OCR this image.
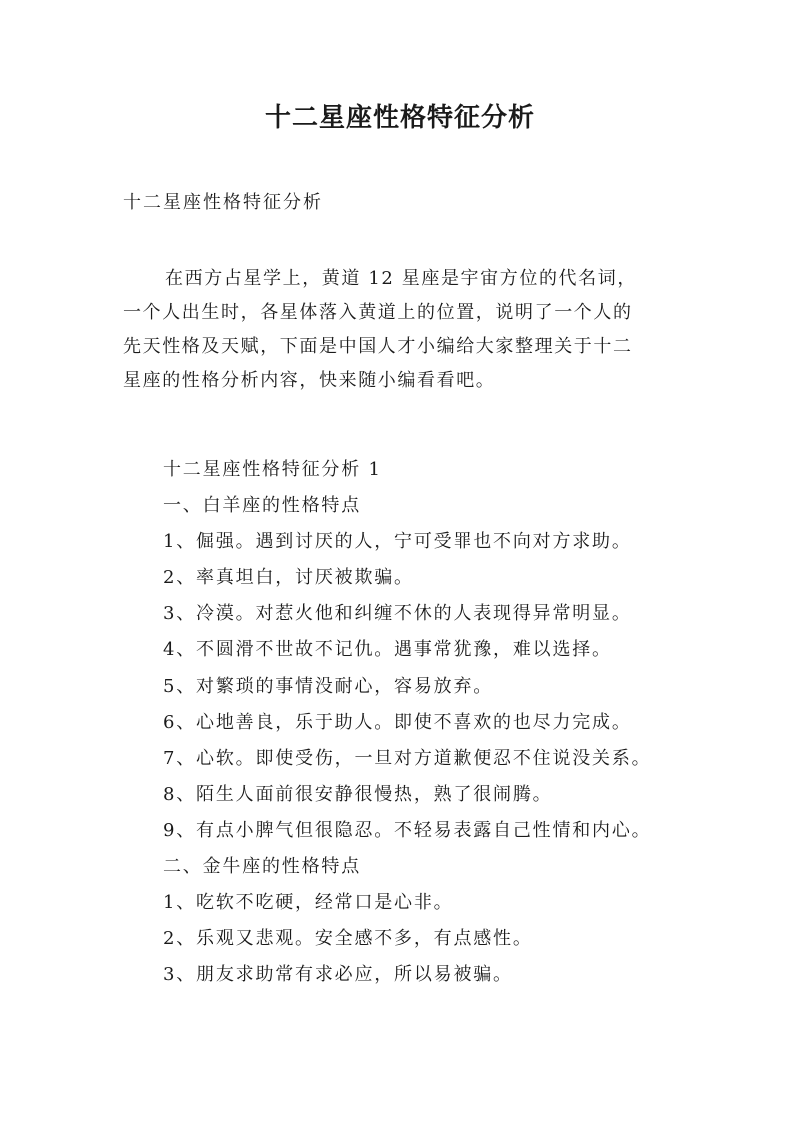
十二星座性格特征分析
十二星座性格特征分析
在西方占星学上，黄道 12 星座是宇宙方位的代名词，
一个人出生时，各星体落入黄道上的位置，说明了一个人的
先天性格及天赋，下面是中国人才小编给大家整理关于十二
星座的性格分析内容，快来随小编看看吧。
十二星座性格特征分析 1
一、白羊座的性格特点
1、倔强。遇到讨厌的人，宁可受罪也不向对方求助。
2、率真坦白，讨厌被欺骗。
3、冷漠。对惹火他和纠缠不休的人表现得异常明显。
4、不圆滑不世故不记仇。遇事常犹豫，难以选择。
5、对繁琐的事情没耐心，容易放弃。
6、心地善良，乐于助人。即使不喜欢的也尽力完成。
7、心软。即使受伤，一旦对方道歉便忍不住说没关系。
8、陌生人面前很安静很慢热，熟了很闹腾。
9、有点小脾气但很隐忍。不轻易表露自己性情和内心。
二、金牛座的性格特点
1、吃软不吃硬，经常口是心非。
2、乐观又悲观。安全感不多，有点感性。
3、朋友求助常有求必应，所以易被骗。
